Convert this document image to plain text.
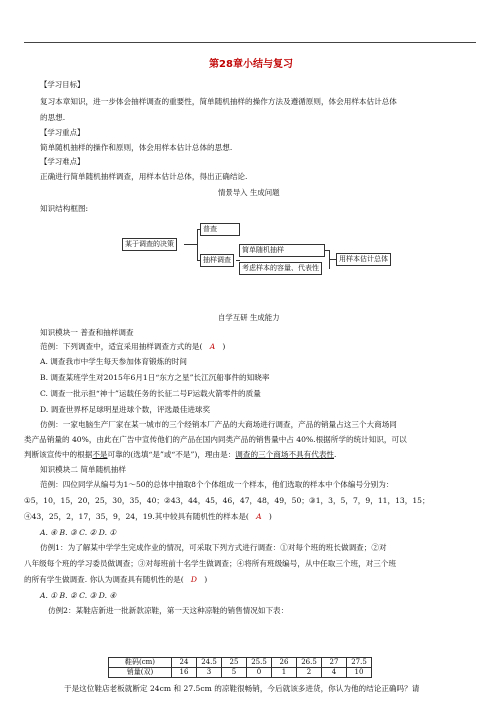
第28章小结与复习
【学习目标】
复习本章知识，进一步体会抽样调查的重要性，简单随机抽样的操作方法及遵循原则，体会用样本估计总体
的思想.
【学习重点】
简单随机抽样的操作和原则，体会用样本估计总体的思想.
【学习难点】
正确进行简单随机抽样调查，用样本估计总体，得出正确结论.
情景导入 生成问题
知识结构框图:
某于调查的决策
普查
抽样调查
简单随机抽样
考虑样本的容量、代表性
用样本估计总体
自学互研 生成能力
知识模块一 普查和抽样调查
范例：下列调查中，适宜采用抽样调查方式的是( A )
A. 调查我市中学生每天参加体育锻炼的时间
B. 调查某班学生对2015年6月1日“东方之星”长江沉船事件的知晓率
C. 调查一批示担“神十”运载任务的长征二号F运载火箭零件的质量
D. 调查世界杯足球明星进球个数，评选最佳进球奖
仿例：一家电脑生产厂家在某一城市的三个经销本厂产品的大商场进行调查，产品的销量占这三个大商场同
类产品销量的 40%，由此在广告中宣传他们的产品在国内同类产品的销售量中占 40%.根据所学的统计知识，可以
判断该宣传中的根据不是可靠的(选填“是”或“不是”)，理由是：调查的三个商场不具有代表性.
知识模块二 简单随机抽样
范例：四位同学从编号为1～50的总体中抽取8个个体组成一个样本，他们选取的样本中个体编号分别为：
①5，10，15，20，25，30，35，40；②43，44，45，46，47，48，49，50；③1，3，5，7，9，11，13，15；
④43，25，2，17，35，9，24，19.其中较具有随机性的样本是( A )
A. ④ B. ③ C. ② D. ①
仿例1：为了解某中学学生完成作业的情况，可采取下列方式进行调查：①对每个班的班长做调查；②对
八年级每个班的学习委员做调查；③对每班前十名学生做调查；④将所有班级编号，从中任取三个班，对三个班
的所有学生做调查. 你认为调查具有随机性的是( D )
A. ① B. ② C. ③ D. ④
仿例2：某鞋店新进一批新款凉鞋，第一天这种凉鞋的销售情况如下表：
鞋码(cm)	24	24.5	25	25.5	26	26.5	27	27.5
销量(双)	16	3	5	0	1	2	4	10
于是这位鞋店老板就断定 24cm 和 27.5cm 的凉鞋很畅销，今后就该多进货，你认为他的结论正确吗？请
